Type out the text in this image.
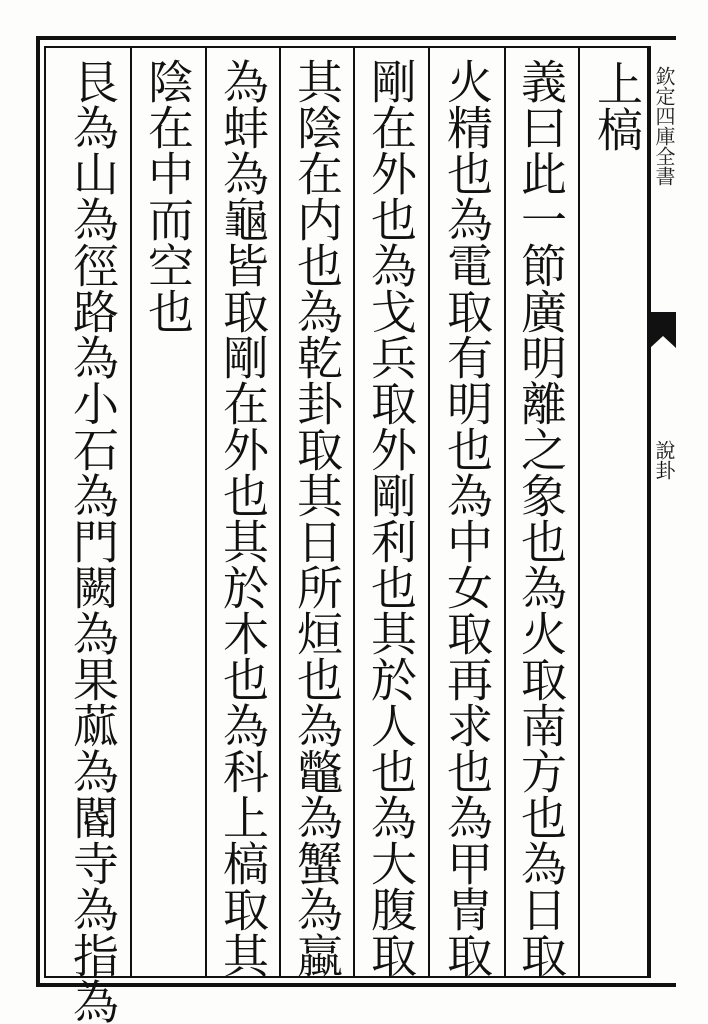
上槁
義曰此一節廣明離之象也為火取南方也為日取
火精也為電取有明也為中女取再求也為甲冑取
剛在外也為戈兵取外剛利也其於人也為大腹取
其陰在内也為乾卦取其日所烜也為鼈為蟹為蠃
為蚌為龜皆取剛在外也其於木也為科上槁取其
陰在中而空也
艮為山為徑路為小石為門闕為果蓏為閽寺為指為	欽定四庫全書
說卦
